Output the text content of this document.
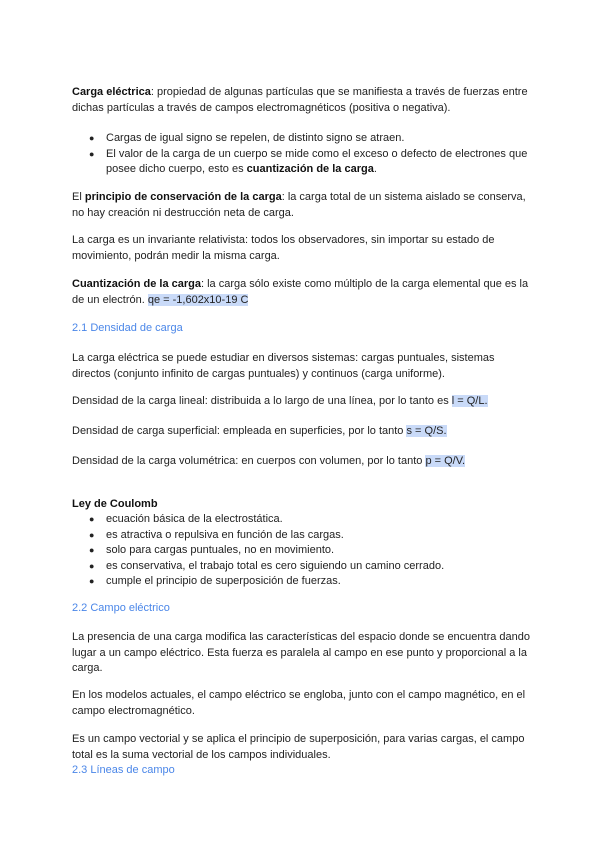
Carga eléctrica: propiedad de algunas partículas que se manifiesta a través de fuerzas entre dichas partículas a través de campos electromagnéticos (positiva o negativa).

● Cargas de igual signo se repelen, de distinto signo se atraen.
● El valor de la carga de un cuerpo se mide como el exceso o defecto de electrones que posee dicho cuerpo, esto es cuantización de la carga.

El principio de conservación de la carga: la carga total de un sistema aislado se conserva, no hay creación ni destrucción neta de carga.

La carga es un invariante relativista: todos los observadores, sin importar su estado de movimiento, podrán medir la misma carga.

Cuantización de la carga: la carga sólo existe como múltiplo de la carga elemental que es la de un electrón. qe = -1,602x10-19 C

2.1 Densidad de carga

La carga eléctrica se puede estudiar en diversos sistemas: cargas puntuales, sistemas directos (conjunto infinito de cargas puntuales) y continuos (carga uniforme).

Densidad de la carga lineal: distribuida a lo largo de una línea, por lo tanto es l = Q/L.

Densidad de carga superficial: empleada en superficies, por lo tanto s = Q/S.

Densidad de la carga volumétrica: en cuerpos con volumen, por lo tanto p = Q/V.

Ley de Coulomb

● ecuación básica de la electrostática.
● es atractiva o repulsiva en función de las cargas.
● solo para cargas puntuales, no en movimiento.
● es conservativa, el trabajo total es cero siguiendo un camino cerrado.
● cumple el principio de superposición de fuerzas.

2.2 Campo eléctrico

La presencia de una carga modifica las características del espacio donde se encuentra dando lugar a un campo eléctrico. Esta fuerza es paralela al campo en ese punto y proporcional a la carga.

En los modelos actuales, el campo eléctrico se engloba, junto con el campo magnético, en el campo electromagnético.

Es un campo vectorial y se aplica el principio de superposición, para varias cargas, el campo total es la suma vectorial de los campos individuales.

2.3 Líneas de campo
